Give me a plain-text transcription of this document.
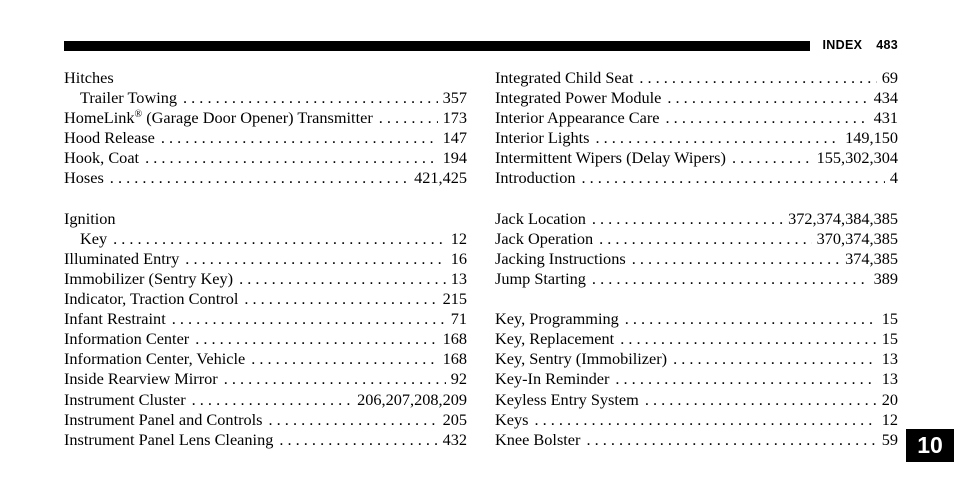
INDEX 483
Hitches
Trailer Towing . . .	357
HomeLink® (Garage Door Opener) Transmitter . . .	173
Hood Release . . .	147
Hook, Coat . . .	194
Hoses . . .	421,425
Ignition
Key . . .	12
Illuminated Entry . . .	16
Immobilizer (Sentry Key) . . .	13
Indicator, Traction Control . . .	215
Infant Restraint . . .	71
Information Center . . .	168
Information Center, Vehicle . . .	168
Inside Rearview Mirror . . .	92
Instrument Cluster . . .	206,207,208,209
Instrument Panel and Controls . . .	205
Instrument Panel Lens Cleaning . . .	432
Integrated Child Seat . . .	69
Integrated Power Module . . .	434
Interior Appearance Care . . .	431
Interior Lights . . .	149,150
Intermittent Wipers (Delay Wipers) . . .	155,302,304
Introduction . . .	4
Jack Location . . .	372,374,384,385
Jack Operation . . .	370,374,385
Jacking Instructions . . .	374,385
Jump Starting . . .	389
Key, Programming . . .	15
Key, Replacement . . .	15
Key, Sentry (Immobilizer) . . .	13
Key-In Reminder . . .	13
Keyless Entry System . . .	20
Keys . . .	12
Knee Bolster . . .	59 10
